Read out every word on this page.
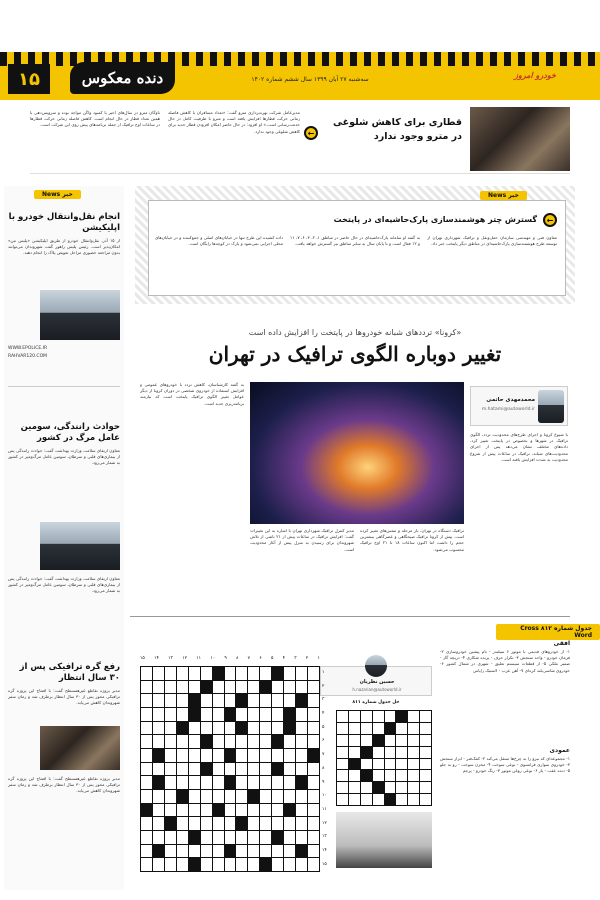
۱۵	دنده معکوس	سه‌شنبه ۲۷ آبان ۱۳۹۹ سال ششم شماره ۱۴۰۲	خودرو امروز
قطاری برای کاهش شلوغی
در مترو وجود ندارد
←
مدیرعامل شرکت بهره‌برداری مترو گفت: «تعداد مسافران با کاهش فاصله زمانی حرکت قطارها افزایش یافته است و مترو با ظرفیت کامل در حال خدمت‌رسانی است.» او افزود: در حال حاضر امکان افزودن قطار جدید برای کاهش شلوغی وجود ندارد.
ناوگان مترو در سال‌های اخیر با کمبود واگن مواجه بوده و سرویس‌دهی با همین تعداد قطار در حال انجام است. کاهش فاصله زمانی حرکت قطارها در ساعات اوج ترافیک از جمله برنامه‌های پیش روی این شرکت است.
←
گسترش چتر هوشمندسازی پارک‌حاشیه‌ای در پایتخت
معاون فنی و مهندسی سازمان حمل‌ونقل و ترافیک شهرداری تهران از توسعه طرح هوشمندسازی پارک‌حاشیه‌ای در مناطق دیگر پایتخت خبر داد.
به گفته او سامانه پارک‌حاشیه‌ای در حال حاضر در مناطق ۱، ۲، ۳، ۶، ۷، ۱۱ و ۱۲ فعال است و تا پایان سال به سایر مناطق نیز گسترش خواهد یافت.
داده کشیده این طرح تنها در خیابان‌های اصلی و جمع‌کننده و در خیابان‌های محلی اجرایی نمی‌شود و پارک در کوچه‌ها رایگان است.
خبر News
«کرونا» ترددهای شبانه خودروها در پایتخت را افزایش داده است
تغییر دوباره الگوی ترافیک در تهران
محمدمهدی حاتمی
m.hatami@autoworld.ir
با شیوع کرونا و اجرای طرح‌های محدودیت تردد، الگوی ترافیک در شهرها و بخصوص در پایتخت تغییر کرد. داده‌های مختلف نشان می‌دهد پس از اجرای محدودیت‌های شبانه، ترافیک در ساعات پیش از شروع محدودیت به شدت افزایش یافته است.
ترافیک دستگاه در تهران، بار مرحله و تنفس‌های تغییر کرده است. پیش از کرونا ترافیک صبحگاهی و عصرگاهی بیشترین حجم را داشت اما اکنون ساعات ۱۸ تا ۲۱ اوج ترافیک محسوب می‌شود.
مدیر کنترل ترافیک شهرداری تهران با اشاره به این تغییرات گفت: افزایش ترافیک در ساعات پیش از ۲۱ ناشی از تلاش شهروندان برای رسیدن به منزل پیش از آغاز محدودیت است.
به گفته کارشناسان، کاهش تردد با خودروهای عمومی و افزایش استفاده از خودروی شخصی در دوران کرونا از دیگر عوامل تغییر الگوی ترافیک پایتخت است که نیازمند برنامه‌ریزی جدید است.
خبر News
انجام نقل‌وانتقال خودرو با اپلیکیشن
از ۱۵ آذر، نقل‌وانتقال خودرو از طریق اپلیکیشن «پلیس من» امکان‌پذیر است. رئیس پلیس راهور گفت شهروندان می‌توانند بدون مراجعه حضوری مراحل تعویض پلاک را انجام دهند.
WWW.EPOLICE.IR
RAHVAR120.COM
حوادث رانندگی، سومین عامل مرگ در کشور
معاون ارتقای سلامت وزارت بهداشت گفت: حوادث رانندگی پس از بیماری‌های قلبی و سرطان، سومین عامل مرگ‌ومیر در کشور به شمار می‌رود.
معاون ارتقای سلامت وزارت بهداشت گفت: حوادث رانندگی پس از بیماری‌های قلبی و سرطان، سومین عامل مرگ‌ومیر در کشور به شمار می‌رود.
رفع گره ترافیکی پس از ۳۰ سال انتظار
مدیر پروژه تقاطع غیرهمسطح گفت: با افتتاح این پروژه گره ترافیکی محور پس از ۳۰ سال انتظار برطرف شد و زمان سفر شهروندان کاهش می‌یابد.
مدیر پروژه تقاطع غیرهمسطح گفت: با افتتاح این پروژه گره ترافیکی محور پس از ۳۰ سال انتظار برطرف شد و زمان سفر شهروندان کاهش می‌یابد.
جدول شماره ۸۱۲ Cross Word
افقی
۱- از خودروهای قدیمی با موتور ۶ سیلندر - نام پیشین خودروسازی ۲- فرمان خودرو - واحد سنجش ۳- تکرار حرف - پرنده شکاری ۴- دریچه گاز - ضمیر ملکی ۵- از قطعات سیستم تعلیق - شهری در شمال کشور ۶- خودروی شاسی‌بلند کره‌ای ۷- آهن عرب - لاستیک زاپاس
عمودی
۱- مجموعه‌ای که نیرو را به چرخ‌ها منتقل می‌کند ۲- کمک‌فنر - ابزار سنجش ۳- خودروی سواری فرانسوی - نوعی سوخت ۴- مخزن سوخت - رو به جلو ۵- دنده عقب - یار ۶- نوعی روغن موتور ۷- رنگ خودرو - پرچم
حسین نظریان
h.nazarian@autoworld.ir
حل جدول شماره ۸۱۱
۱۵ ۱۴ ۱۳ ۱۲ ۱۱ ۱۰ ۹ ۸ ۷ ۶ ۵ ۴ ۳ ۲ ۱
۱
۲
۳
۴
۵
۶
۷
۸
۹
۱۰
۱۱
۱۲
۱۳
۱۴
۱۵
